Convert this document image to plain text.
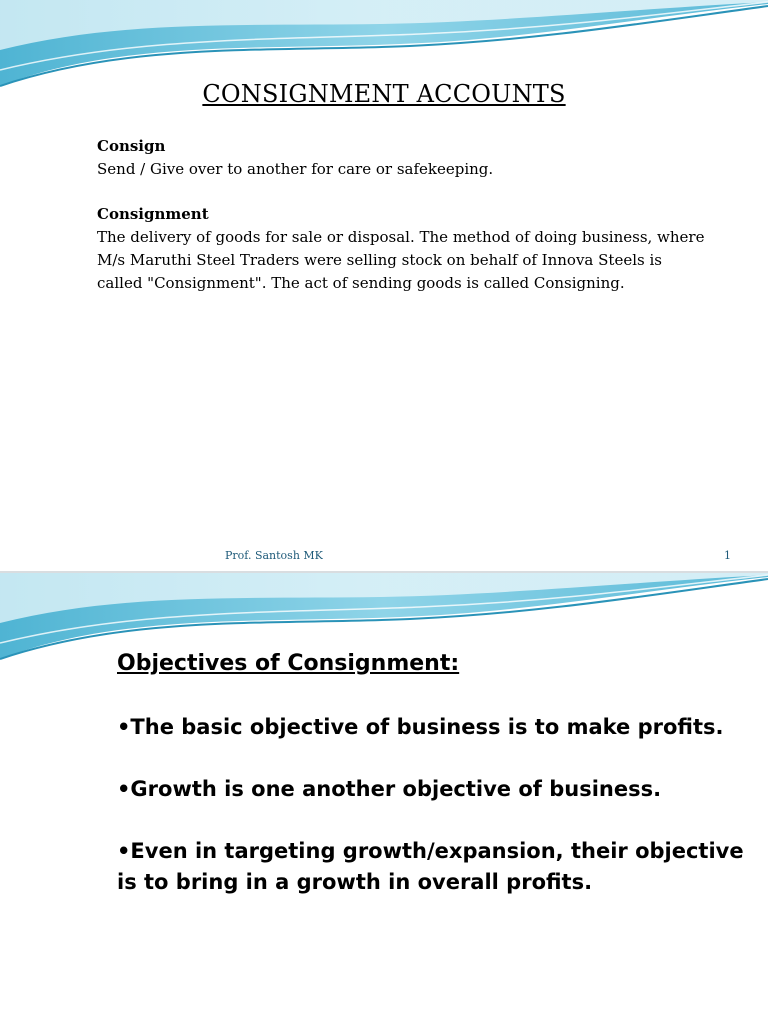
CONSIGNMENT ACCOUNTS
Consign
Send / Give over to another for care or safekeeping.
Consignment
The delivery of goods for sale or disposal. The method of doing business, where M/s Maruthi Steel Traders were selling stock on behalf of Innova Steels is called "Consignment". The act of sending goods is called Consigning.
Prof. Santosh MK	1
Objectives of Consignment:
•The basic objective of business is to make profits.
•Growth is one another objective of business.
•Even in targeting growth/expansion, their objective is to bring in a growth in overall profits.
